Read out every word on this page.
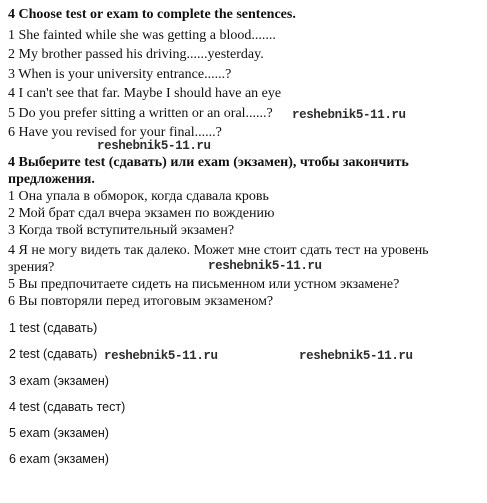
4 Choose test or exam to complete the sentences.
1 She fainted while she was getting a blood.......
2 My brother passed his driving......yesterday.
3 When is your university entrance......?
4 I can't see that far. Maybe I should have an eye
5 Do you prefer sitting a written or an oral......?
6 Have you revised for your final......?
reshebnik5-11.ru
reshebnik5-11.ru
4 Выберите test (сдавать) или exam (экзамен), чтобы закончить предложения.
1 Она упала в обморок, когда сдавала кровь
2 Мой брат сдал вчера экзамен по вождению
3 Когда твой вступительный экзамен?
4 Я не могу видеть так далеко. Может мне стоит сдать тест на уровень зрения?	reshebnik5-11.ru
5 Вы предпочитаете сидеть на письменном или устном экзамене?
6 Вы повторяли перед итоговым экзаменом?
1 test (сдавать)
2 test (сдавать) reshebnik5-11.ru	reshebnik5-11.ru
3 exam (экзамен)
4 test (сдавать тест)
5 exam (экзамен)
6 exam (экзамен)
